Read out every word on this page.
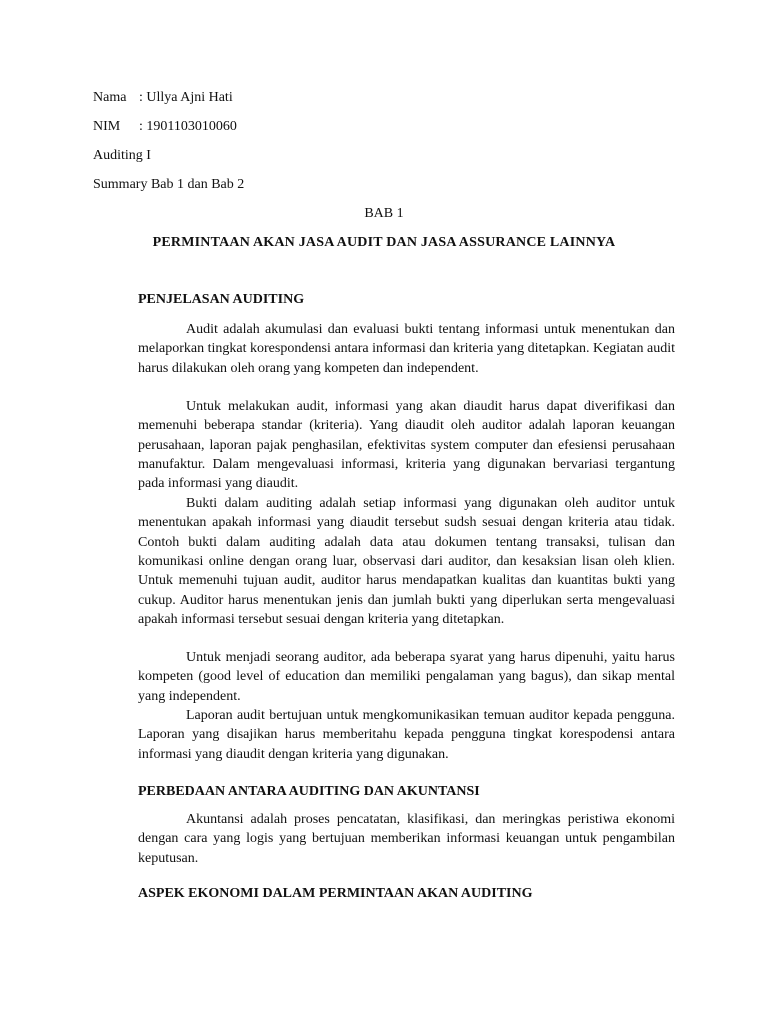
Nama : Ullya Ajni Hati
NIM : 1901103010060
Auditing I
Summary Bab 1 dan Bab 2
BAB 1
PERMINTAAN AKAN JASA AUDIT DAN JASA ASSURANCE LAINNYA
PENJELASAN AUDITING

Audit adalah akumulasi dan evaluasi bukti tentang informasi untuk menentukan dan melaporkan tingkat korespondensi antara informasi dan kriteria yang ditetapkan. Kegiatan audit harus dilakukan oleh orang yang kompeten dan independent.

Untuk melakukan audit, informasi yang akan diaudit harus dapat diverifikasi dan memenuhi beberapa standar (kriteria). Yang diaudit oleh auditor adalah laporan keuangan perusahaan, laporan pajak penghasilan, efektivitas system computer dan efesiensi perusahaan manufaktur. Dalam mengevaluasi informasi, kriteria yang digunakan bervariasi tergantung pada informasi yang diaudit.

Bukti dalam auditing adalah setiap informasi yang digunakan oleh auditor untuk menentukan apakah informasi yang diaudit tersebut sudsh sesuai dengan kriteria atau tidak. Contoh bukti dalam auditing adalah data atau dokumen tentang transaksi, tulisan dan komunikasi online dengan orang luar, observasi dari auditor, dan kesaksian lisan oleh klien. Untuk memenuhi tujuan audit, auditor harus mendapatkan kualitas dan kuantitas bukti yang cukup. Auditor harus menentukan jenis dan jumlah bukti yang diperlukan serta mengevaluasi apakah informasi tersebut sesuai dengan kriteria yang ditetapkan.

Untuk menjadi seorang auditor, ada beberapa syarat yang harus dipenuhi, yaitu harus kompeten (good level of education dan memiliki pengalaman yang bagus), dan sikap mental yang independent.

Laporan audit bertujuan untuk mengkomunikasikan temuan auditor kepada pengguna. Laporan yang disajikan harus memberitahu kepada pengguna tingkat korespodensi antara informasi yang diaudit dengan kriteria yang digunakan.

PERBEDAAN ANTARA AUDITING DAN AKUNTANSI

Akuntansi adalah proses pencatatan, klasifikasi, dan meringkas peristiwa ekonomi dengan cara yang logis yang bertujuan memberikan informasi keuangan untuk pengambilan keputusan.

ASPEK EKONOMI DALAM PERMINTAAN AKAN AUDITING
